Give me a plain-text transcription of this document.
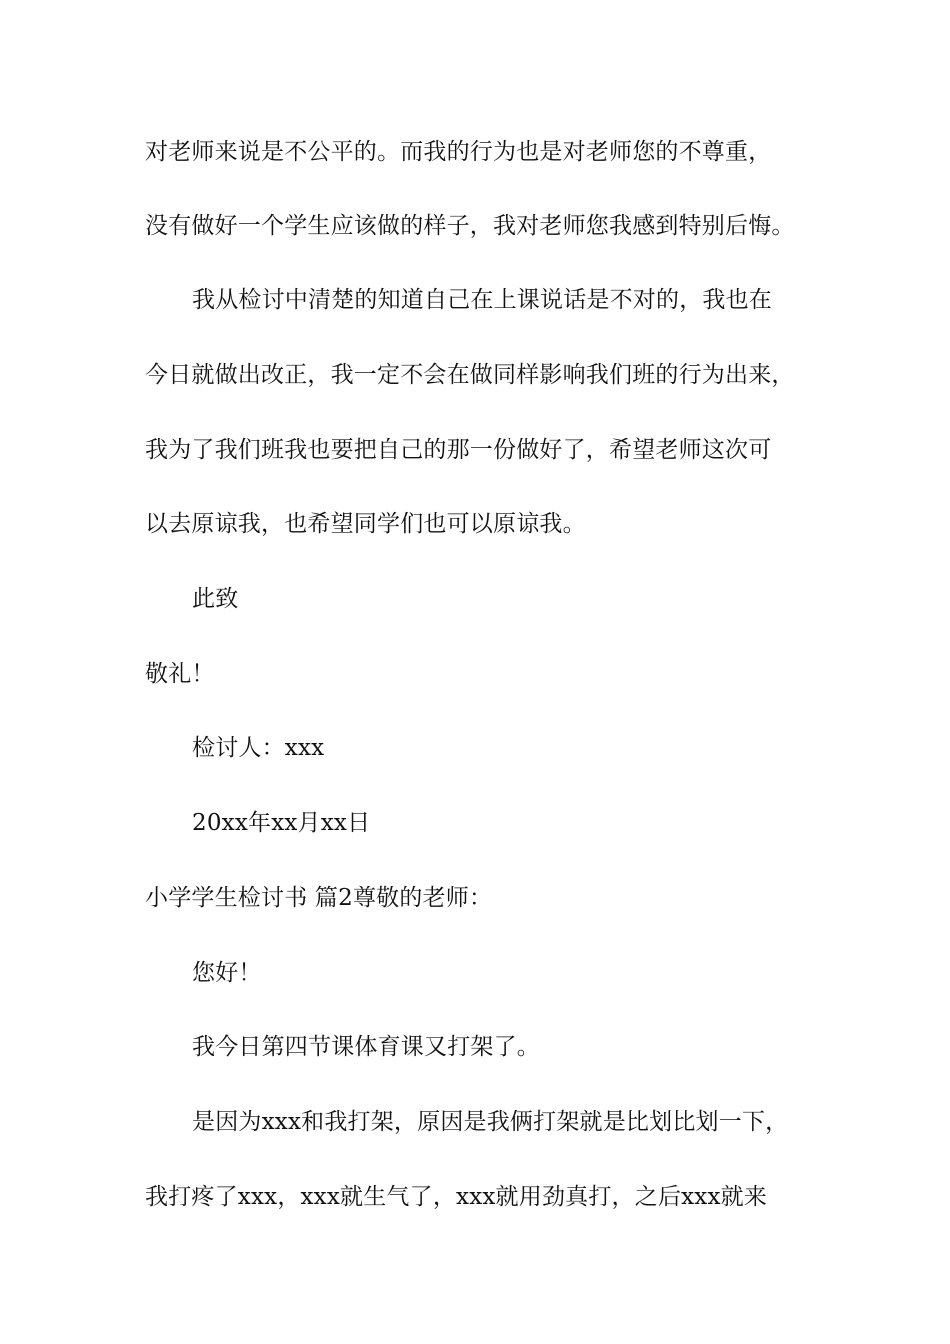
对老师来说是不公平的。而我的行为也是对老师您的不尊重，
没有做好一个学生应该做的样子，我对老师您我感到特别后悔。
我从检讨中清楚的知道自己在上课说话是不对的，我也在
今日就做出改正，我一定不会在做同样影响我们班的行为出来，
我为了我们班我也要把自己的那一份做好了，希望老师这次可
以去原谅我，也希望同学们也可以原谅我。
此致
敬礼！
检讨人：xxx
20xx年xx月xx日
小学学生检讨书 篇2尊敬的老师：
您好！
我今日第四节课体育课又打架了。
是因为xxx和我打架，原因是我俩打架就是比划比划一下，
我打疼了xxx，xxx就生气了，xxx就用劲真打，之后xxx就来
